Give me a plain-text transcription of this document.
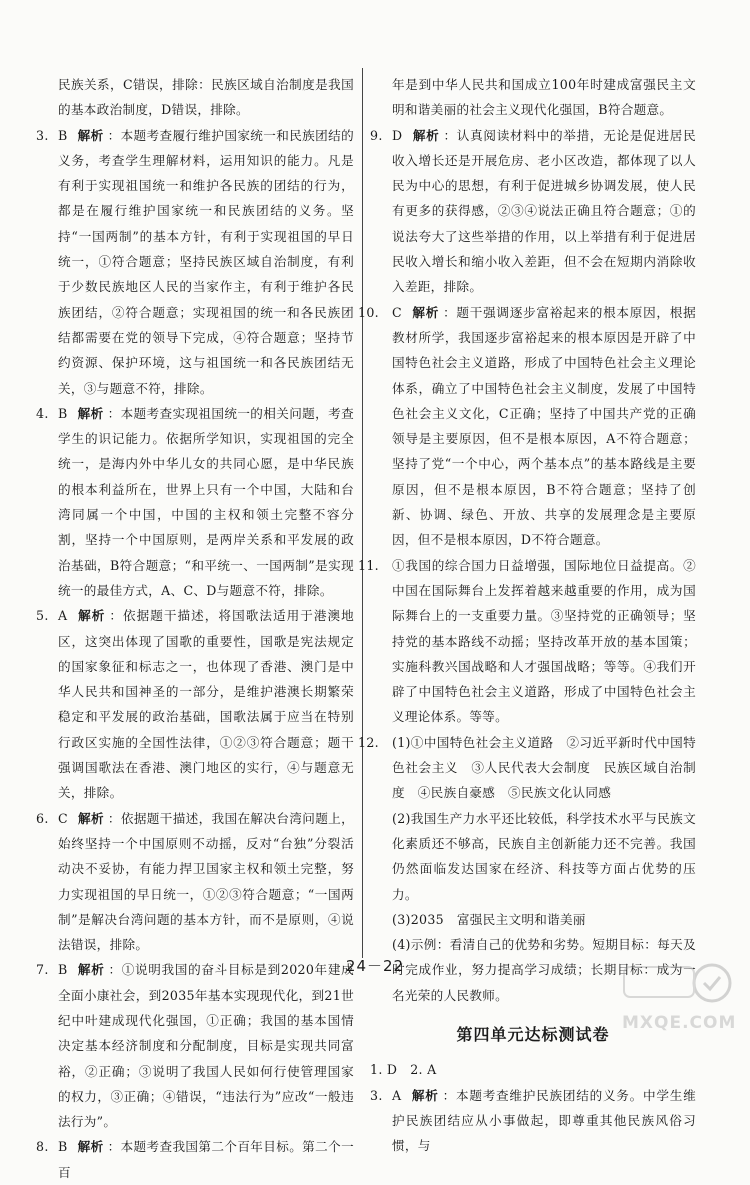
民族关系，C错误，排除：民族区域自治制度是我国的基本政治制度，D错误，排除。
3. B 解析 ：本题考查履行维护国家统一和民族团结的义务，考查学生理解材料，运用知识的能力。凡是有利于实现祖国统一和维护各民族的团结的行为，都是在履行维护国家统一和民族团结的义务。坚持“一国两制”的基本方针，有利于实现祖国的早日统一，①符合题意；坚持民族区域自治制度，有利于少数民族地区人民的当家作主，有利于维护各民族团结，②符合题意；实现祖国的统一和各民族团结都需要在党的领导下完成，④符合题意；坚持节约资源、保护环境，这与祖国统一和各民族团结无关，③与题意不符，排除。
4. B 解析 ：本题考查实现祖国统一的相关问题，考查学生的识记能力。依据所学知识，实现祖国的完全统一，是海内外中华儿女的共同心愿，是中华民族的根本利益所在，世界上只有一个中国，大陆和台湾同属一个中国，中国的主权和领土完整不容分割，坚持一个中国原则，是两岸关系和平发展的政治基础，B符合题意；“和平统一、一国两制”是实现统一的最佳方式，A、C、D与题意不符，排除。
5. A 解析 ：依据题干描述，将国歌法适用于港澳地区，这突出体现了国歌的重要性，国歌是宪法规定的国家象征和标志之一，也体现了香港、澳门是中华人民共和国神圣的一部分，是维护港澳长期繁荣稳定和平发展的政治基础，国歌法属于应当在特别行政区实施的全国性法律，①②③符合题意；题干强调国歌法在香港、澳门地区的实行，④与题意无关，排除。
6. C 解析 ：依据题干描述，我国在解决台湾问题上，始终坚持一个中国原则不动摇，反对“台独”分裂活动决不妥协，有能力捍卫国家主权和领土完整，努力实现祖国的早日统一，①②③符合题意；“一国两制”是解决台湾问题的基本方针，而不是原则，④说法错误，排除。
7. B 解析 ：①说明我国的奋斗目标是到2020年建成全面小康社会，到2035年基本实现现代化，到21世纪中叶建成现代化强国，①正确；我国的基本国情决定基本经济制度和分配制度，目标是实现共同富裕，②正确；③说明了我国人民如何行使管理国家的权力，③正确；④错误，“违法行为”应改“一般违法行为”。
8. B 解析 ：本题考查我国第二个百年目标。第二个一百
年是到中华人民共和国成立100年时建成富强民主文明和谐美丽的社会主义现代化强国，B符合题意。
9. D 解析 ：认真阅读材料中的举措，无论是促进居民收入增长还是开展危房、老小区改造，都体现了以人民为中心的思想，有利于促进城乡协调发展，使人民有更多的获得感，②③④说法正确且符合题意；①的说法夸大了这些举措的作用，以上举措有利于促进居民收入增长和缩小收入差距，但不会在短期内消除收入差距，排除。
10. C 解析 ：题干强调逐步富裕起来的根本原因，根据教材所学，我国逐步富裕起来的根本原因是开辟了中国特色社会主义道路，形成了中国特色社会主义理论体系，确立了中国特色社会主义制度，发展了中国特色社会主义文化，C正确；坚持了中国共产党的正确领导是主要原因，但不是根本原因，A不符合题意；坚持了党“一个中心，两个基本点”的基本路线是主要原因，但不是根本原因，B不符合题意；坚持了创新、协调、绿色、开放、共享的发展理念是主要原因，但不是根本原因，D不符合题意。
11. ①我国的综合国力日益增强，国际地位日益提高。②中国在国际舞台上发挥着越来越重要的作用，成为国际舞台上的一支重要力量。③坚持党的正确领导；坚持党的基本路线不动摇；坚持改革开放的基本国策；实施科教兴国战略和人才强国战略；等等。④我们开辟了中国特色社会主义道路，形成了中国特色社会主义理论体系。等等。
12. (1)①中国特色社会主义道路　②习近平新时代中国特色社会主义　③人民代表大会制度　民族区域自治制度　④民族自豪感　⑤民族文化认同感
(2)我国生产力水平还比较低，科学技术水平与民族文化素质还不够高，民族自主创新能力还不完善。我国仍然面临发达国家在经济、科技等方面占优势的压力。
(3)2035　富强民主文明和谐美丽
(4)示例：看清自己的优势和劣势。短期目标：每天及时完成作业，努力提高学习成绩；长期目标：成为一名光荣的人民教师。
第四单元达标测试卷
1. D　2. A
3. A 解析 ：本题考查维护民族团结的义务。中学生维护民族团结应从小事做起，即尊重其他民族风俗习惯，与
24－22
MXQE.COM
